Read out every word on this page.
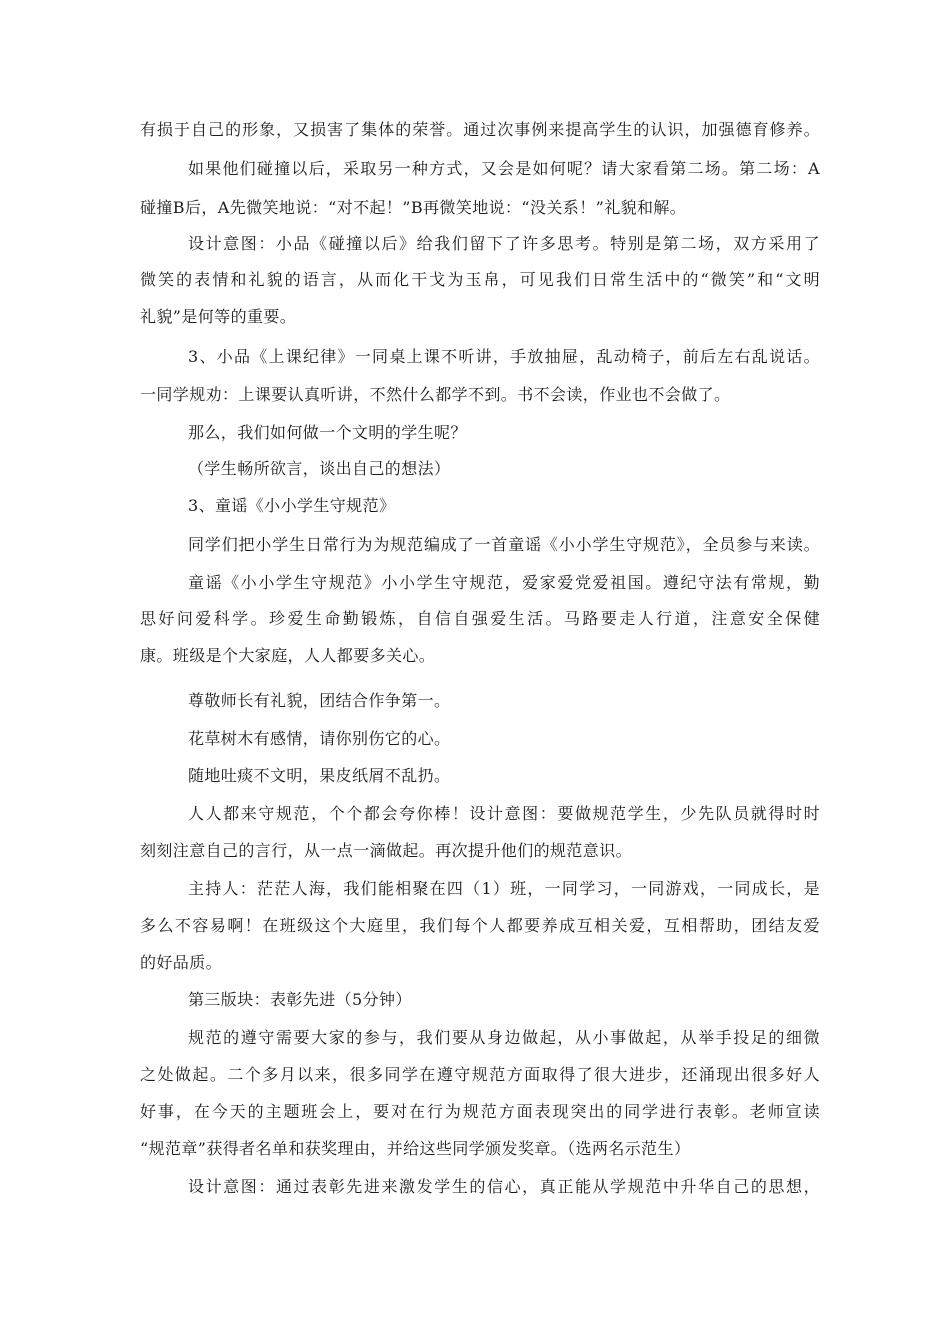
有损于自己的形象，又损害了集体的荣誉。通过次事例来提高学生的认识，加强德育修养。

如果他们碰撞以后，采取另一种方式，又会是如何呢？请大家看第二场。第二场：A

碰撞B后，A先微笑地说：“对不起！”B再微笑地说：“没关系！”礼貌和解。

设计意图：小品《碰撞以后》给我们留下了许多思考。特别是第二场，双方采用了

微笑的表情和礼貌的语言，从而化干戈为玉帛，可见我们日常生活中的“微笑”和“文明

礼貌”是何等的重要。

3、小品《上课纪律》一同桌上课不听讲，手放抽屉，乱动椅子，前后左右乱说话。

一同学规劝：上课要认真听讲，不然什么都学不到。书不会读，作业也不会做了。

那么，我们如何做一个文明的学生呢？

（学生畅所欲言，谈出自己的想法）

3、童谣《小小学生守规范》

同学们把小学生日常行为为规范编成了一首童谣《小小学生守规范》，全员参与来读。

童谣《小小学生守规范》小小学生守规范，爱家爱党爱祖国。遵纪守法有常规，勤

思好问爱科学。珍爱生命勤锻炼，自信自强爱生活。马路要走人行道，注意安全保健

康。班级是个大家庭，人人都要多关心。

尊敬师长有礼貌，团结合作争第一。

花草树木有感情，请你别伤它的心。

随地吐痰不文明，果皮纸屑不乱扔。

人人都来守规范，个个都会夸你棒！设计意图：要做规范学生，少先队员就得时时

刻刻注意自己的言行，从一点一滴做起。再次提升他们的规范意识。

主持人：茫茫人海，我们能相聚在四（1）班，一同学习，一同游戏，一同成长，是

多么不容易啊！在班级这个大庭里，我们每个人都要养成互相关爱，互相帮助，团结友爱

的好品质。

第三版块：表彰先进（5分钟）

规范的遵守需要大家的参与，我们要从身边做起，从小事做起，从举手投足的细微

之处做起。二个多月以来，很多同学在遵守规范方面取得了很大进步，还涌现出很多好人

好事，在今天的主题班会上，要对在行为规范方面表现突出的同学进行表彰。老师宣读

“规范章”获得者名单和获奖理由，并给这些同学颁发奖章。（选两名示范生）

设计意图：通过表彰先进来激发学生的信心，真正能从学规范中升华自己的思想，
